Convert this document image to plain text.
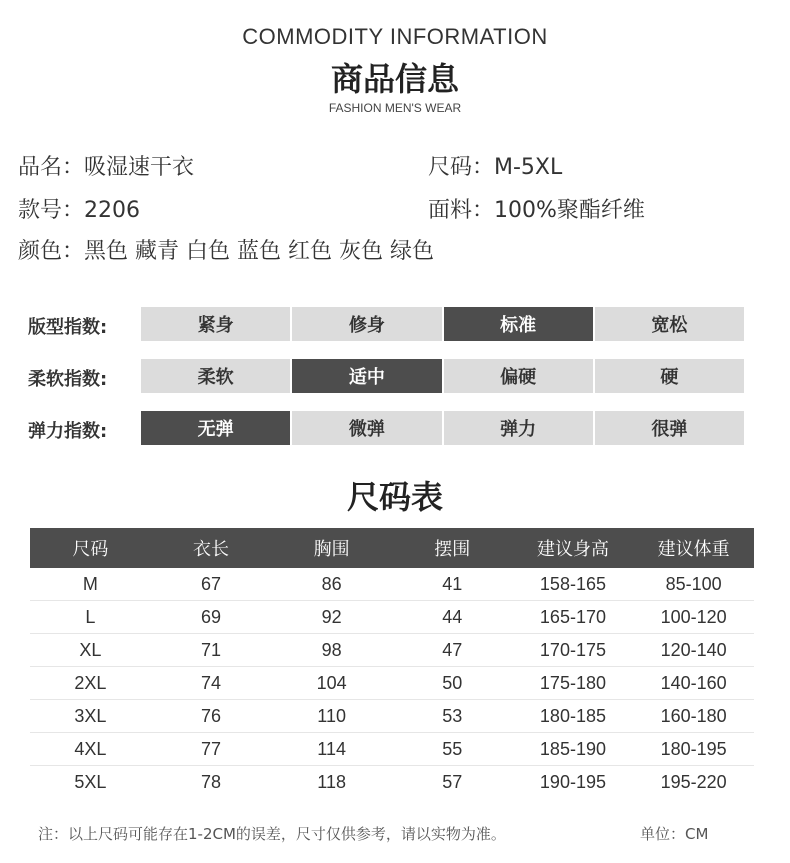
COMMODITY INFORMATION
商品信息
FASHION MEN'S WEAR
品名：吸湿速干衣	尺码：M-5XL
款号：2206	面料：100%聚酯纤维
颜色：黑色 藏青 白色 蓝色 红色 灰色 绿色
版型指数:	紧身	修身	标准	宽松
柔软指数:	柔软	适中	偏硬	硬
弹力指数:	无弹	微弹	弹力	很弹
尺码表
尺码	衣长	胸围	摆围	建议身高	建议体重
M	67	86	41	158-165	85-100
L	69	92	44	165-170	100-120
XL	71	98	47	170-175	120-140
2XL	74	104	50	175-180	140-160
3XL	76	110	53	180-185	160-180
4XL	77	114	55	185-190	180-195
5XL	78	118	57	190-195	195-220
注：以上尺码可能存在1-2CM的误差，尺寸仅供参考，请以实物为准。	单位：CM
